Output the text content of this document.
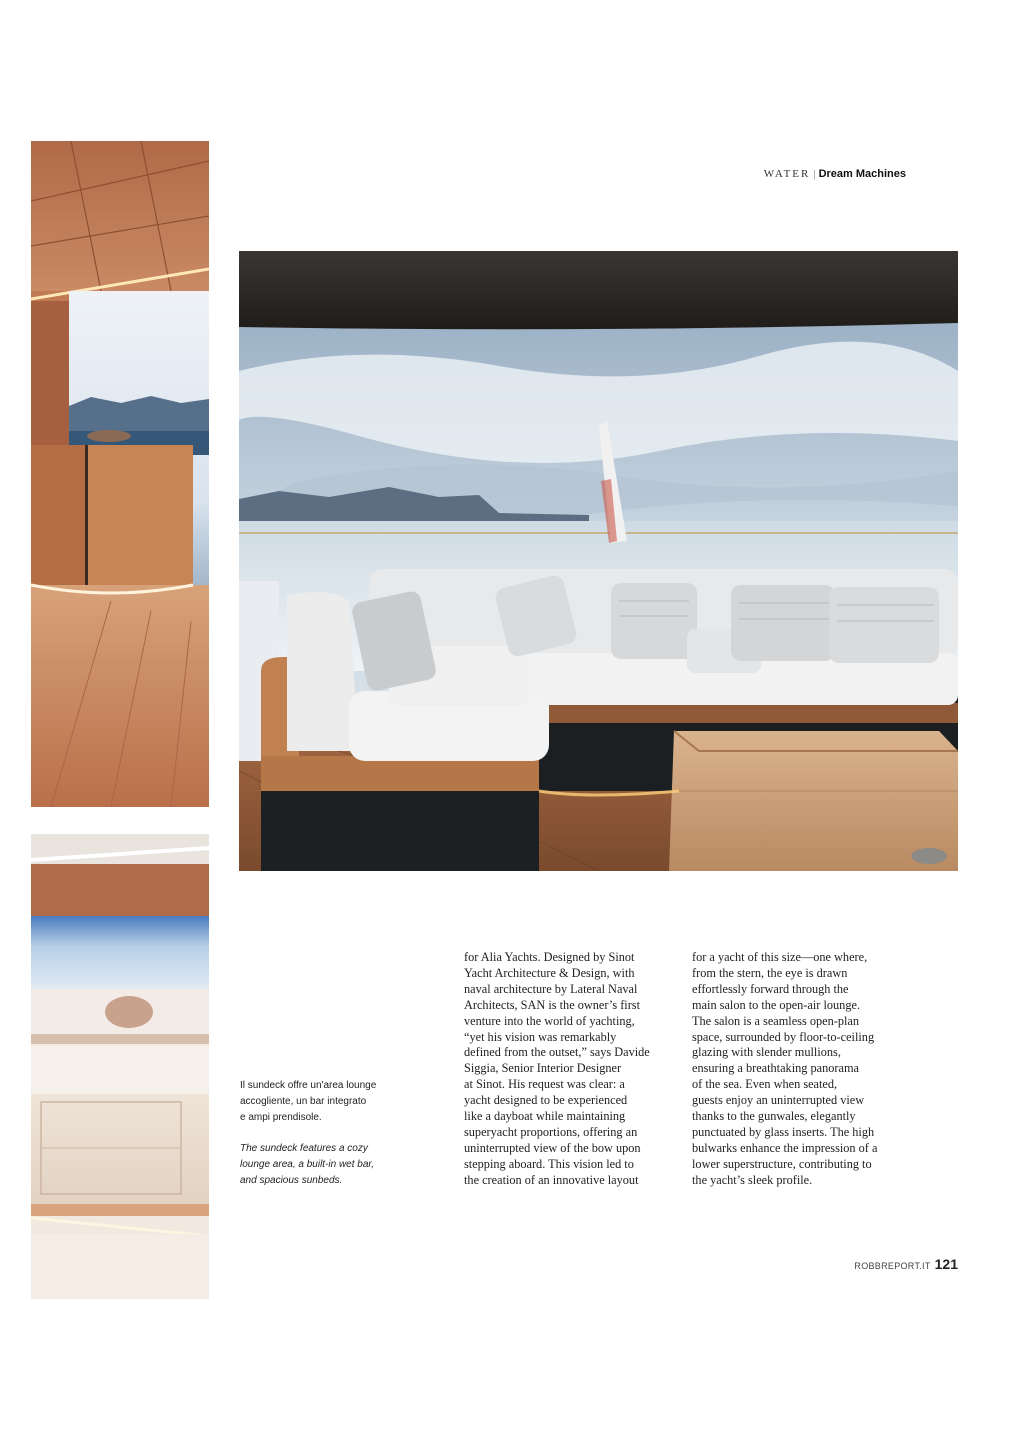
WATER | Dream Machines
Il sundeck offre un'area lounge
accogliente, un bar integrato
e ampi prendisole.
The sundeck features a cozy
lounge area, a built-in wet bar,
and spacious sunbeds.
for Alia Yachts. Designed by Sinot
Yacht Architecture & Design, with
naval architecture by Lateral Naval
Architects, SAN is the owner’s first
venture into the world of yachting,
“yet his vision was remarkably
defined from the outset,” says Davide
Siggia, Senior Interior Designer
at Sinot. His request was clear: a
yacht designed to be experienced
like a dayboat while maintaining
superyacht proportions, offering an
uninterrupted view of the bow upon
stepping aboard. This vision led to
the creation of an innovative layout
for a yacht of this size—one where,
from the stern, the eye is drawn
effortlessly forward through the
main salon to the open-air lounge.
The salon is a seamless open-plan
space, surrounded by floor-to-ceiling
glazing with slender mullions,
ensuring a breathtaking panorama
of the sea. Even when seated,
guests enjoy an uninterrupted view
thanks to the gunwales, elegantly
punctuated by glass inserts. The high
bulwarks enhance the impression of a
lower superstructure, contributing to
the yacht’s sleek profile.
ROBBREPORT.IT 121
